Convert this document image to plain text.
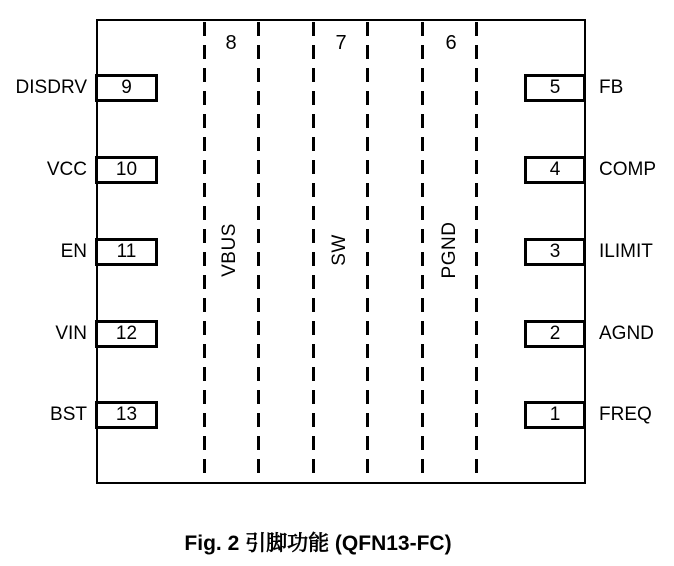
8	7	6
VBUS	SW	PGND
DISDRV 9
VCC 10
EN 11
VIN 12
BST 13
5 FB
4 COMP
3 ILIMIT
2 AGND
1 FREQ
Fig. 2 引脚功能 (QFN13-FC)
